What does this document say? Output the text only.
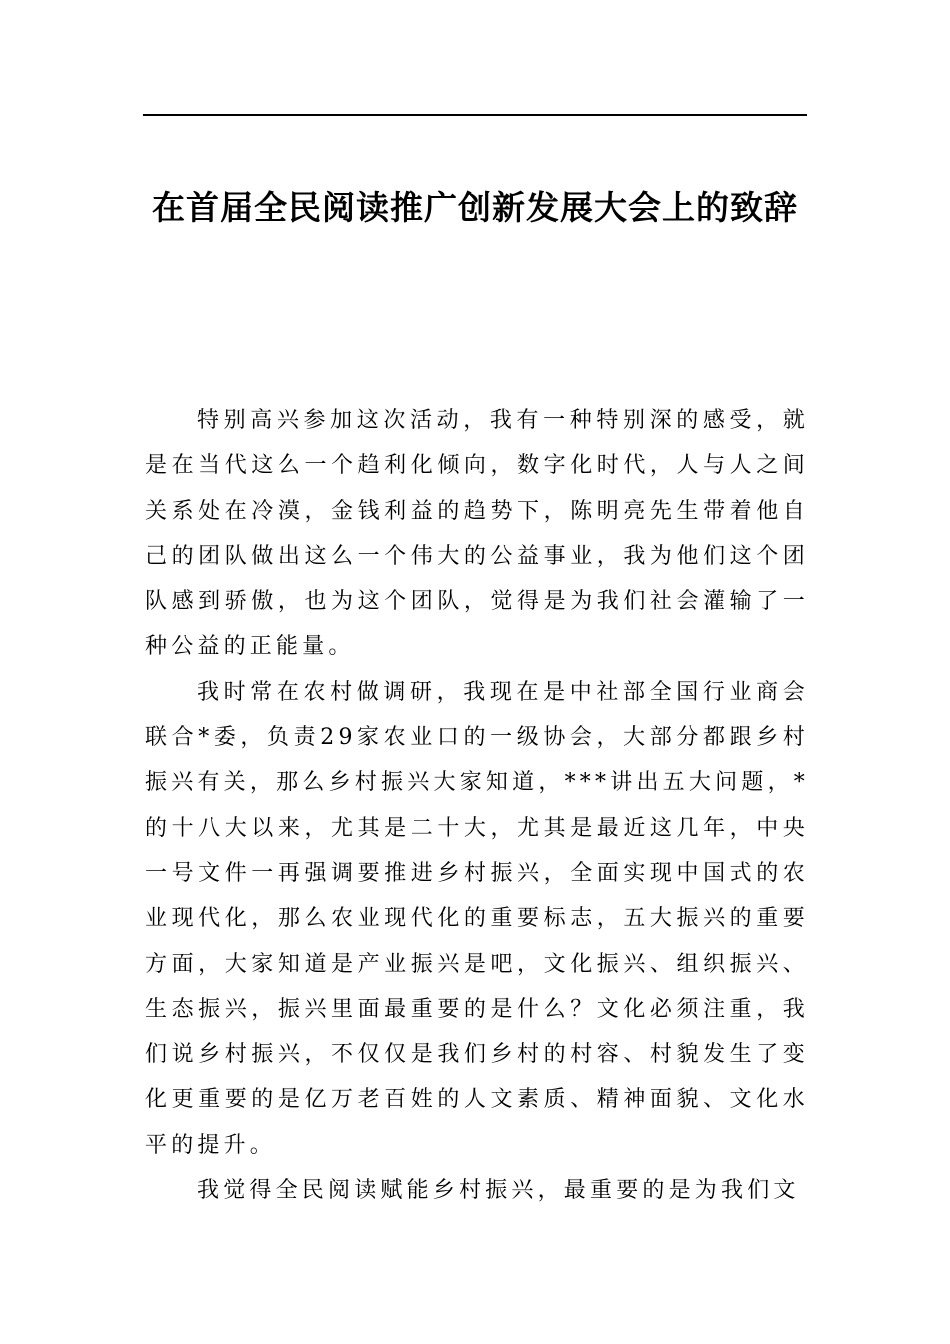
在首届全民阅读推广创新发展大会上的致辞

特别高兴参加这次活动，我有一种特别深的感受，就是在当代这么一个趋利化倾向，数字化时代，人与人之间关系处在冷漠，金钱利益的趋势下，陈明亮先生带着他自己的团队做出这么一个伟大的公益事业，我为他们这个团队感到骄傲，也为这个团队，觉得是为我们社会灌输了一种公益的正能量。

我时常在农村做调研，我现在是中社部全国行业商会联合*委，负责29家农业口的一级协会，大部分都跟乡村振兴有关，那么乡村振兴大家知道，***讲出五大问题，*的十八大以来，尤其是二十大，尤其是最近这几年，中央一号文件一再强调要推进乡村振兴，全面实现中国式的农业现代化，那么农业现代化的重要标志，五大振兴的重要方面，大家知道是产业振兴是吧，文化振兴、组织振兴、生态振兴，振兴里面最重要的是什么？文化必须注重，我们说乡村振兴，不仅仅是我们乡村的村容、村貌发生了变化更重要的是亿万老百姓的人文素质、精神面貌、文化水平的提升。

我觉得全民阅读赋能乡村振兴，最重要的是为我们文
